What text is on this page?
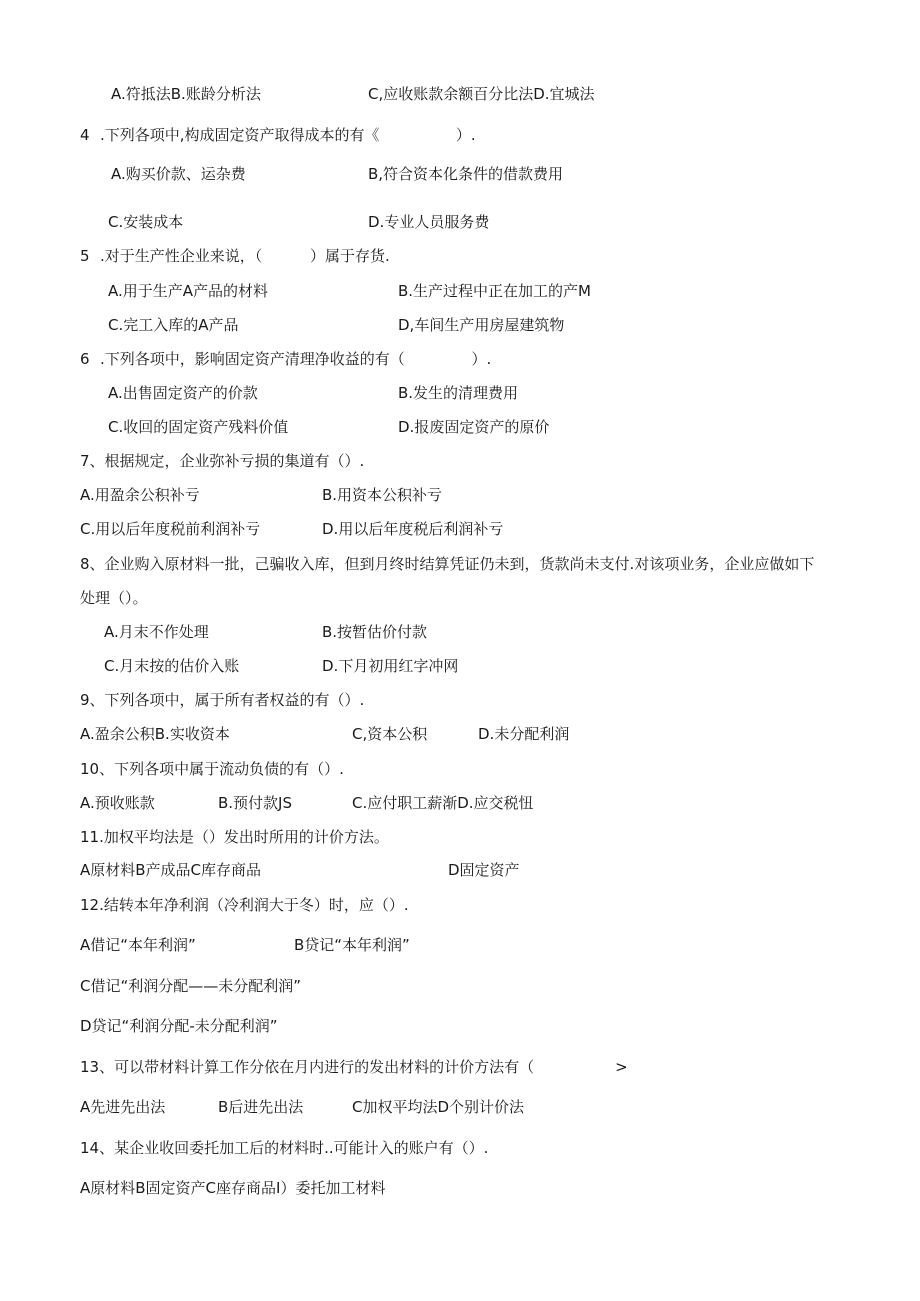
A.符抵法B.账龄分析法	C,应收账款余额百分比法D.宜城法
4 .下列各项中,构成固定资产取得成本的有《                ）.
A.购买价款、运杂费	B,符合资本化条件的借款费用
C.安装成本	D.专业人员服务费
5 .对于生产性企业来说，（          ）属于存货.
A.用于生产A产品的材料	B.生产过程中正在加工的产M
C.完工入库的A产品	D,车间生产用房屋建筑物
6 .下列各项中，影响固定资产清理净收益的有（              ）.
A.出售固定资产的价款	B.发生的清理费用
C.收回的固定资产残料价值	D.报废固定资产的原价
7、根据规定，企业弥补亏损的集道有（）.
A.用盈余公积补亏	B.用资本公积补亏
C.用以后年度税前利润补亏	D.用以后年度税后利润补亏
8、企业购入原材料一批，己骗收入库，但到月终时结算凭证仍未到，货款尚未支付.对该项业务，企业应做如下
处理（）。
A.月末不作处理	B.按暂估价付款
C.月末按的估价入账	D.下月初用红字冲网
9、下列各项中，属于所有者权益的有（）.
A.盈余公积B.实收资本	C,资本公积	D.未分配利润
10、下列各项中属于流动负债的有（）.
A.预收账款	B.预付款JS	C.应付职工薪渐D.应交税忸
11.加权平均法是（）发出时所用的计价方法。
A原材料B产成品C库存商品	D固定资产
12.结转本年净利润（冷利润大于冬）时，应（）.
A借记“本年利润”	B贷记“本年利润”
C借记“利润分配——未分配利润”
D贷记“利润分配-未分配利润”
13、可以带材料计算工作分依在月内进行的发出材料的计价方法有（                 >
A先进先出法	B后进先出法	C加权平均法D个别计价法
14、某企业收回委托加工后的材料时..可能计入的账户有（）.
A原材料B固定资产C座存商品I）委托加工材料
